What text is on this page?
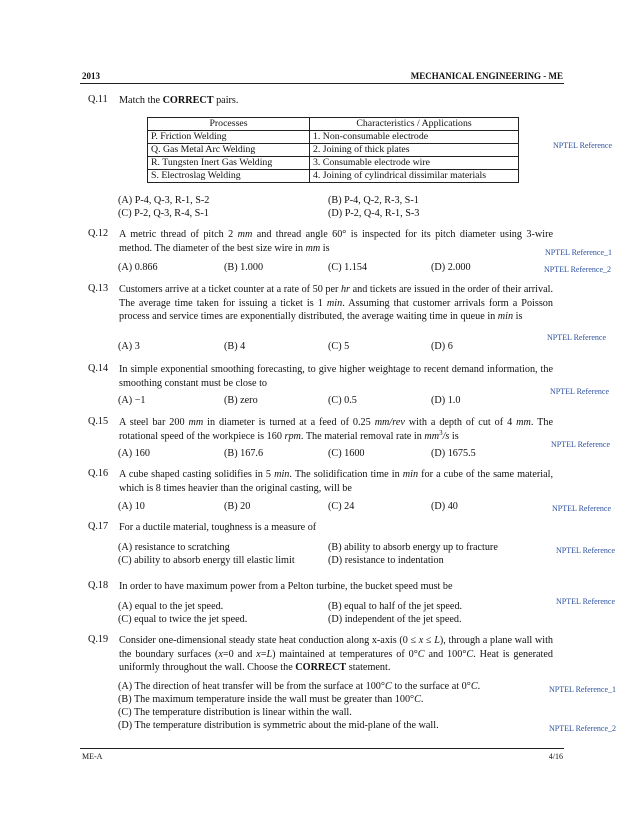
2013	MECHANICAL ENGINEERING - ME
Q.11 Match the CORRECT pairs.
Processes	Characteristics / Applications
P. Friction Welding	1. Non-consumable electrode
Q. Gas Metal Arc Welding	2. Joining of thick plates
R. Tungsten Inert Gas Welding	3. Consumable electrode wire
S. Electroslag Welding	4. Joining of cylindrical dissimilar materials
NPTEL Reference
(A) P-4, Q-3, R-1, S-2	(B) P-4, Q-2, R-3, S-1
(C) P-2, Q-3, R-4, S-1	(D) P-2, Q-4, R-1, S-3
Q.12 A metric thread of pitch 2 mm and thread angle 60° is inspected for its pitch diameter using 3-wire method. The diameter of the best size wire in mm is	NPTEL Reference_1
NPTEL Reference_2
(A) 0.866	(B) 1.000	(C) 1.154	(D) 2.000
Q.13 Customers arrive at a ticket counter at a rate of 50 per hr and tickets are issued in the order of their arrival. The average time taken for issuing a ticket is 1 min. Assuming that customer arrivals form a Poisson process and service times are exponentially distributed, the average waiting time in queue in min is
NPTEL Reference
(A) 3	(B) 4	(C) 5	(D) 6
Q.14 In simple exponential smoothing forecasting, to give higher weightage to recent demand information, the smoothing constant must be close to
NPTEL Reference
(A) −1	(B) zero	(C) 0.5	(D) 1.0
Q.15 A steel bar 200 mm in diameter is turned at a feed of 0.25 mm/rev with a depth of cut of 4 mm. The rotational speed of the workpiece is 160 rpm. The material removal rate in $mm^3/s$ is
NPTEL Reference
(A) 160	(B) 167.6	(C) 1600	(D) 1675.5
Q.16 A cube shaped casting solidifies in 5 min. The solidification time in min for a cube of the same material, which is 8 times heavier than the original casting, will be
(A) 10	(B) 20	(C) 24	(D) 40	NPTEL Reference
Q.17 For a ductile material, toughness is a measure of
(A) resistance to scratching	(B) ability to absorb energy up to fracture
(C) ability to absorb energy till elastic limit	(D) resistance to indentation
NPTEL Reference
Q.18 In order to have maximum power from a Pelton turbine, the bucket speed must be
(A) equal to the jet speed.	(B) equal to half of the jet speed.
(C) equal to twice the jet speed.	(D) independent of the jet speed.
NPTEL Reference
Q.19 Consider one-dimensional steady state heat conduction along x-axis (0 ≤ x ≤ L), through a plane wall with the boundary surfaces (x=0 and x=L) maintained at temperatures of 0°C and 100°C. Heat is generated uniformly throughout the wall. Choose the CORRECT statement.
(A) The direction of heat transfer will be from the surface at 100°C to the surface at 0°C.
(B) The maximum temperature inside the wall must be greater than 100°C.
(C) The temperature distribution is linear within the wall.
(D) The temperature distribution is symmetric about the mid-plane of the wall.
NPTEL Reference_1
NPTEL Reference_2
ME-A	4/16
